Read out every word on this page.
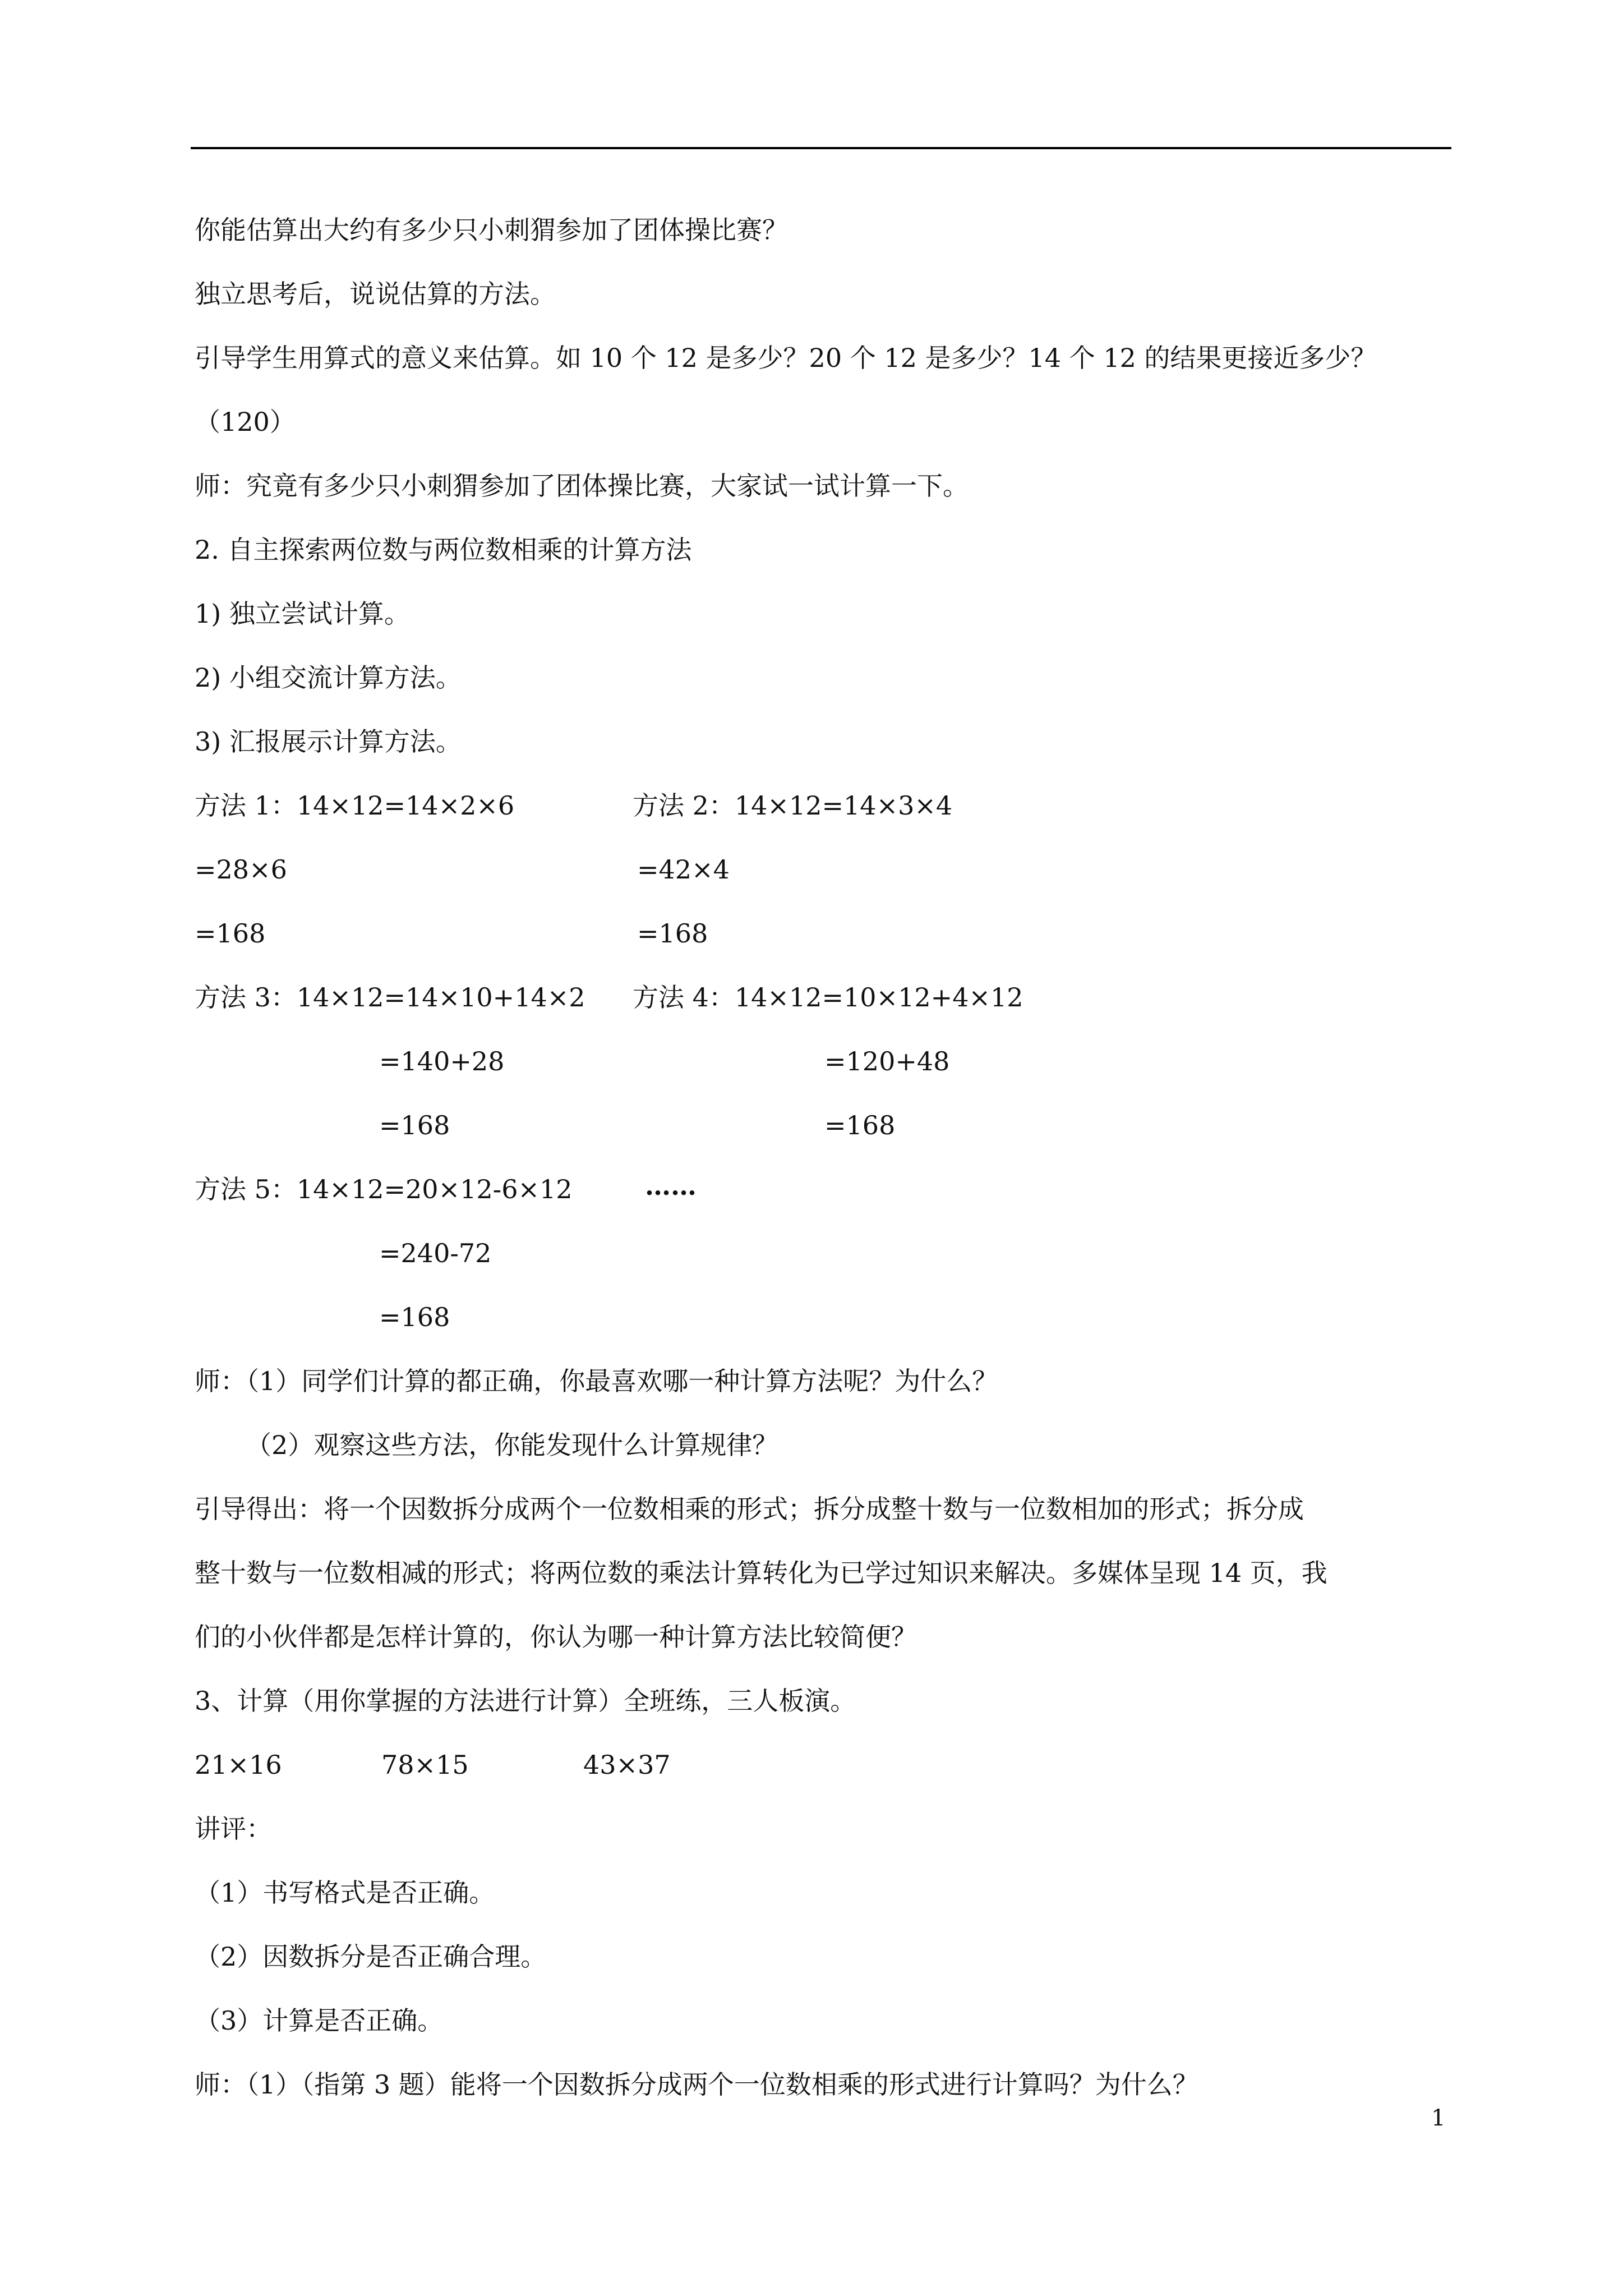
你能估算出大约有多少只小刺猬参加了团体操比赛？
独立思考后，说说估算的方法。
引导学生用算式的意义来估算。如 10 个 12 是多少？20 个 12 是多少？14 个 12 的结果更接近多少？
（120）
师：究竟有多少只小刺猬参加了团体操比赛，大家试一试计算一下。
2. 自主探索两位数与两位数相乘的计算方法
1) 独立尝试计算。
2) 小组交流计算方法。
3) 汇报展示计算方法。
方法 1：14×12=14×2×6	方法 2：14×12=14×3×4
=28×6	=42×4
=168	=168
方法 3：14×12=14×10+14×2 方法 4：14×12=10×12+4×12
=140+28	=120+48
=168	=168
方法 5：14×12=20×12-6×12	……
=240-72
=168
师：（1）同学们计算的都正确，你最喜欢哪一种计算方法呢？为什么？
（2）观察这些方法，你能发现什么计算规律？
引导得出：将一个因数拆分成两个一位数相乘的形式；拆分成整十数与一位数相加的形式；拆分成
整十数与一位数相减的形式；将两位数的乘法计算转化为已学过知识来解决。多媒体呈现 14 页，我
们的小伙伴都是怎样计算的，你认为哪一种计算方法比较简便？
3、计算（用你掌握的方法进行计算）全班练，三人板演。
21×16	78×15	43×37
讲评：
（1）书写格式是否正确。
（2）因数拆分是否正确合理。
（3）计算是否正确。
师：（1）（指第 3 题）能将一个因数拆分成两个一位数相乘的形式进行计算吗？为什么？
1
